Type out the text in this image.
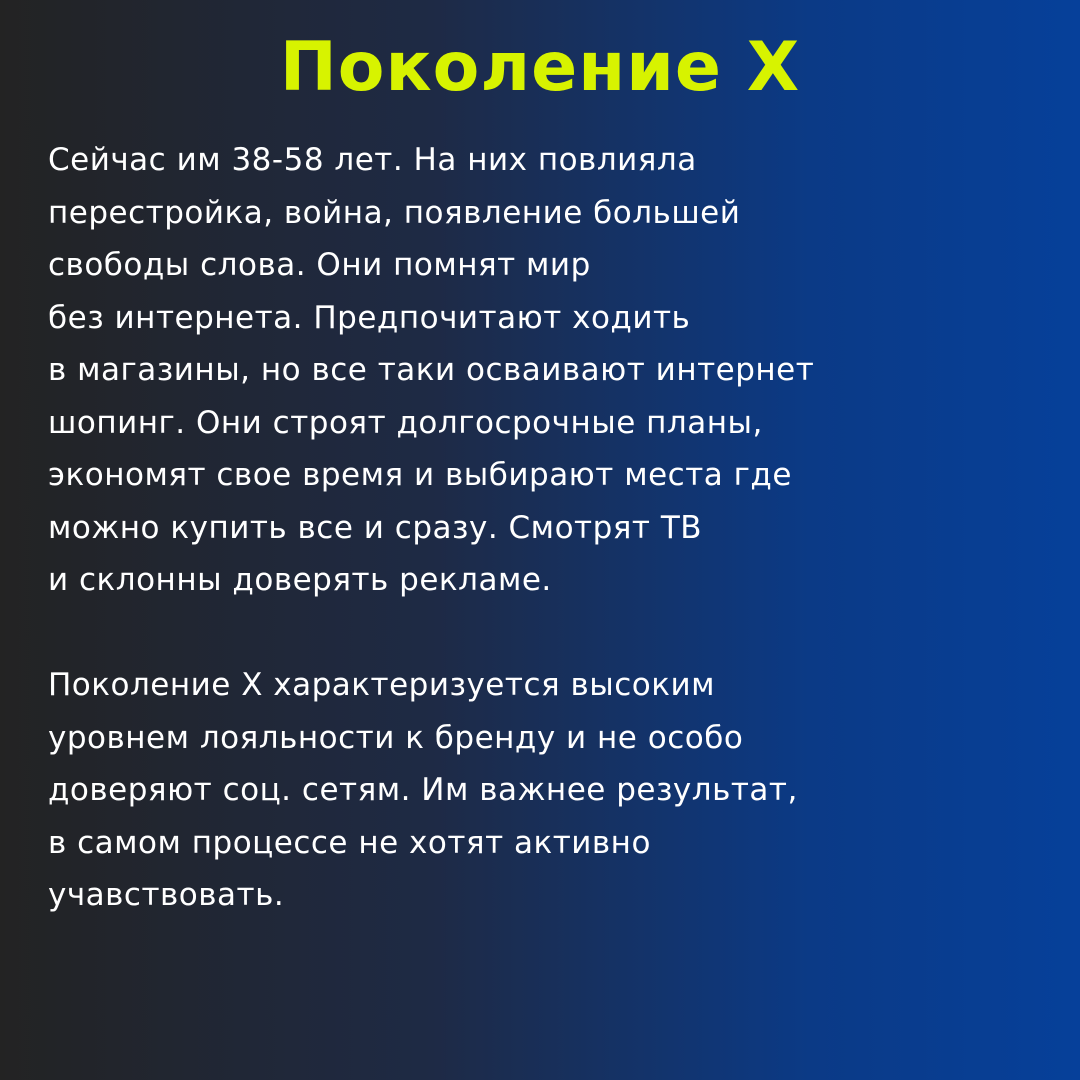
Поколение Х
Сейчас им 38-58 лет. На них повлияла
перестройка, война, появление большей
свободы слова. Они помнят мир
без интернета. Предпочитают ходить
в магазины, но все таки осваивают интернет
шопинг. Они строят долгосрочные планы,
экономят свое время и выбирают места где
можно купить все и сразу. Смотрят ТВ
и склонны доверять рекламе.
Поколение Х характеризуется высоким
уровнем лояльности к бренду и не особо
доверяют соц. сетям. Им важнее результат,
в самом процессе не хотят активно
учавствовать.
